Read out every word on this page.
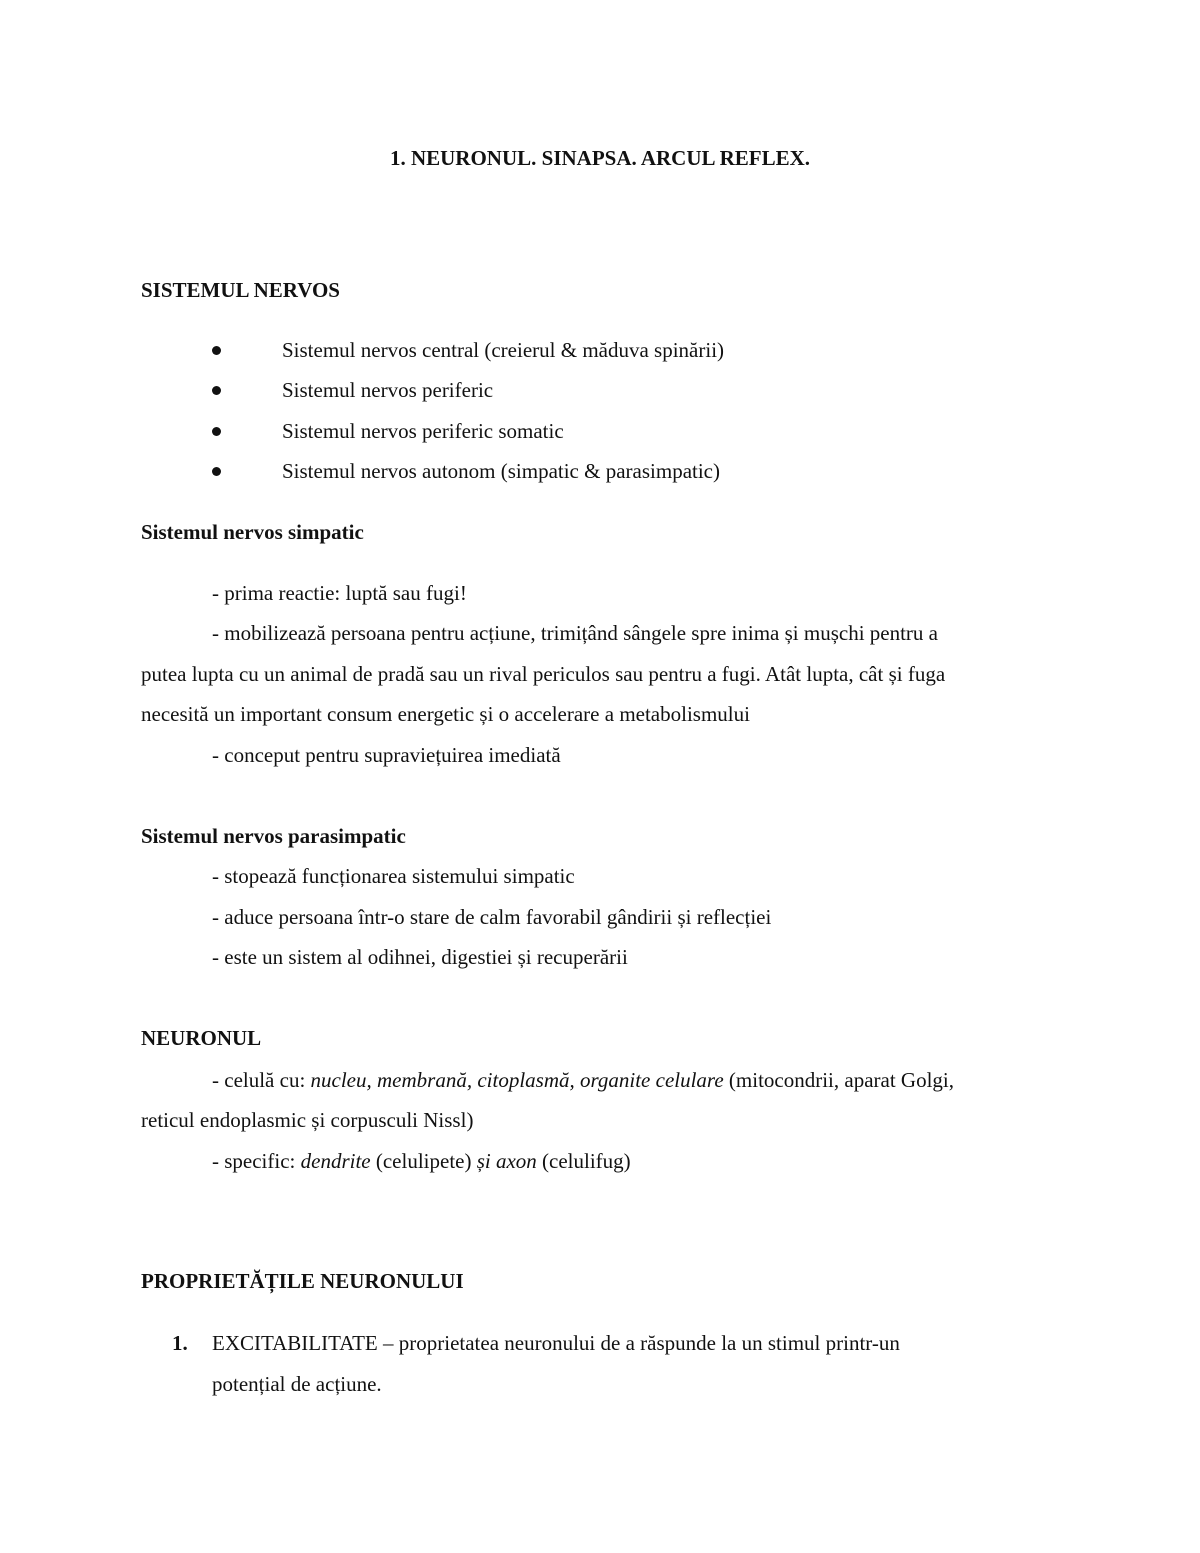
1. NEURONUL. SINAPSA. ARCUL REFLEX.
SISTEMUL NERVOS
Sistemul nervos central (creierul & măduva spinării)
Sistemul nervos periferic
Sistemul nervos periferic somatic
Sistemul nervos autonom (simpatic & parasimpatic)
Sistemul nervos simpatic
- prima reactie: luptă sau fugi!
- mobilizează persoana pentru acțiune, trimițând sângele spre inima și mușchi pentru a
putea lupta cu un animal de pradă sau un rival periculos sau pentru a fugi. Atât lupta, cât și fuga
necesită un important consum energetic și o accelerare a metabolismului
- conceput pentru supraviețuirea imediată
Sistemul nervos parasimpatic
- stopează funcționarea sistemului simpatic
- aduce persoana într-o stare de calm favorabil gândirii și reflecției
- este un sistem al odihnei, digestiei și recuperării
NEURONUL
- celulă cu: nucleu, membrană, citoplasmă, organite celulare (mitocondrii, aparat Golgi,
reticul endoplasmic și corpusculi Nissl)
- specific: dendrite (celulipete) și axon (celulifug)
PROPRIETĂȚILE NEURONULUI
1. EXCITABILITATE – proprietatea neuronului de a răspunde la un stimul printr-un
potențial de acțiune.
